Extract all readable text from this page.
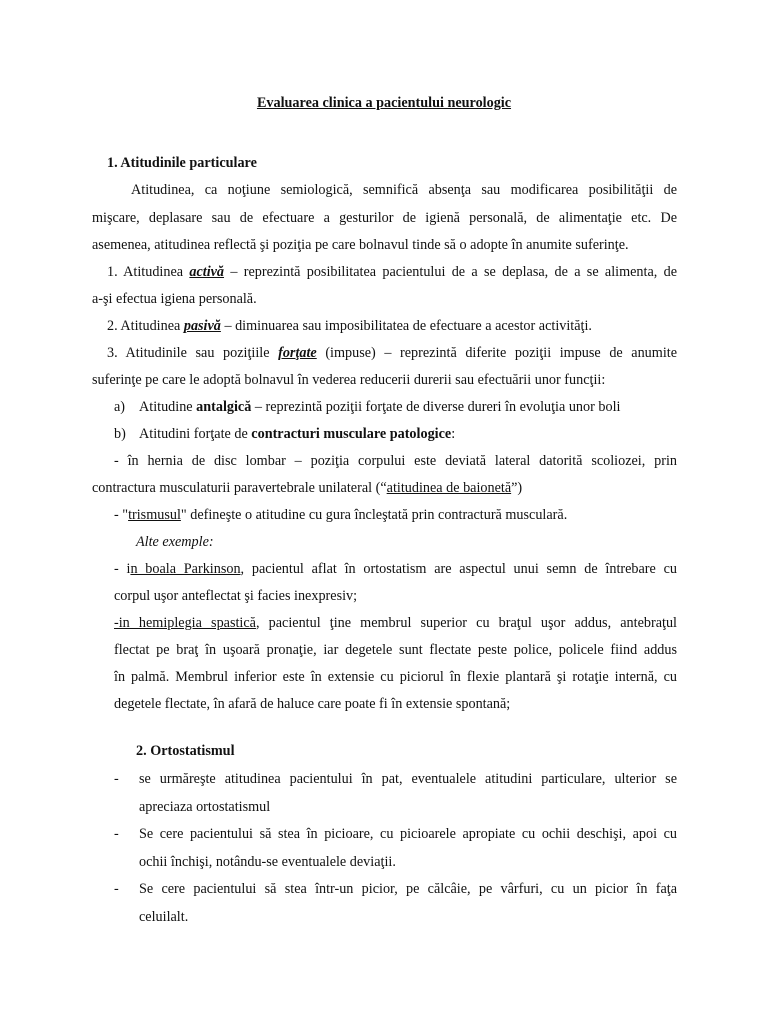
Evaluarea clinica a pacientului neurologic
1. Atitudinile particulare
Atitudinea, ca noţiune semiologică, semnifică absenţa sau modificarea posibilităţii de
mişcare, deplasare sau de efectuare a gesturilor de igienă personală, de alimentaţie etc. De
asemenea, atitudinea reflectă şi poziţia pe care bolnavul tinde să o adopte în anumite suferinţe.
1. Atitudinea activă – reprezintă posibilitatea pacientului de a se deplasa, de a se alimenta, de
a-şi efectua igiena personală.
2. Atitudinea pasivă – diminuarea sau imposibilitatea de efectuare a acestor activităţi.
3. Atitudinile sau poziţiile forţate (impuse) – reprezintă diferite poziţii impuse de anumite
suferinţe pe care le adoptă bolnavul în vederea reducerii durerii sau efectuării unor funcţii:
a) Atitudine antalgică – reprezintă poziţii forţate de diverse dureri în evoluţia unor boli
b) Atitudini forţate de contracturi musculare patologice:
- în hernia de disc lombar – poziţia corpului este deviată lateral datorită scoliozei, prin
contractura musculaturii paravertebrale unilateral (“atitudinea de baionetă”)
- "trismusul" defineşte o atitudine cu gura încleştată prin contractură musculară.
Alte exemple:
- in boala Parkinson, pacientul aflat în ortostatism are aspectul unui semn de întrebare cu
corpul uşor anteflectat şi facies inexpresiv;
-in hemiplegia spastică, pacientul ţine membrul superior cu braţul uşor addus, antebraţul
flectat pe braţ în uşoară pronaţie, iar degetele sunt flectate peste police, policele fiind addus
în palmă. Membrul inferior este în extensie cu piciorul în flexie plantară şi rotaţie internă, cu
degetele flectate, în afară de haluce care poate fi în extensie spontană;
2. Ortostatismul
- se urmăreşte atitudinea pacientului în pat, eventualele atitudini particulare, ulterior se
apreciaza ortostatismul
- Se cere pacientului să stea în picioare, cu picioarele apropiate cu ochii deschişi, apoi cu
ochii închişi, notându-se eventualele deviaţii.
- Se cere pacientului să stea într-un picior, pe călcâie, pe vârfuri, cu un picior în faţa
celuilalt.
